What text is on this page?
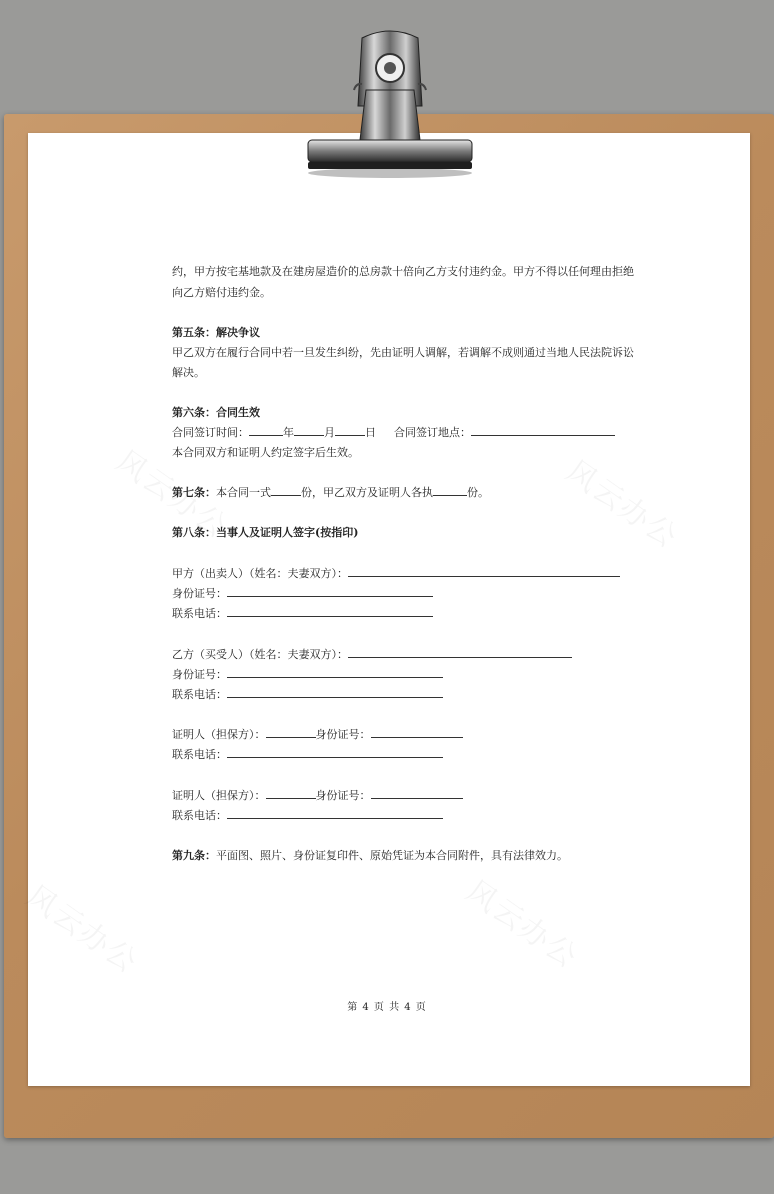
约，甲方按宅基地款及在建房屋造价的总房款十倍向乙方支付违约金。甲方不得以任何理由拒绝
向乙方赔付违约金。
第五条：解决争议
甲乙双方在履行合同中若一旦发生纠纷，先由证明人调解，若调解不成则通过当地人民法院诉讼
解决。
第六条：合同生效
合同签订时间：	年	月	日 合同签订地点：
本合同双方和证明人约定签字后生效。
第七条：本合同一式	份，甲乙双方及证明人各执	份。
第八条：当事人及证明人签字(按指印)
甲方（出卖人）（姓名：夫妻双方）：
身份证号：
联系电话：
乙方（买受人）（姓名：夫妻双方）：
身份证号：
联系电话：
证明人（担保方）：	身份证号：
联系电话：
证明人（担保方）：	身份证号：
联系电话：
第九条：平面图、照片、身份证复印件、原始凭证为本合同附件，具有法律效力。
第 4 页 共 4 页
